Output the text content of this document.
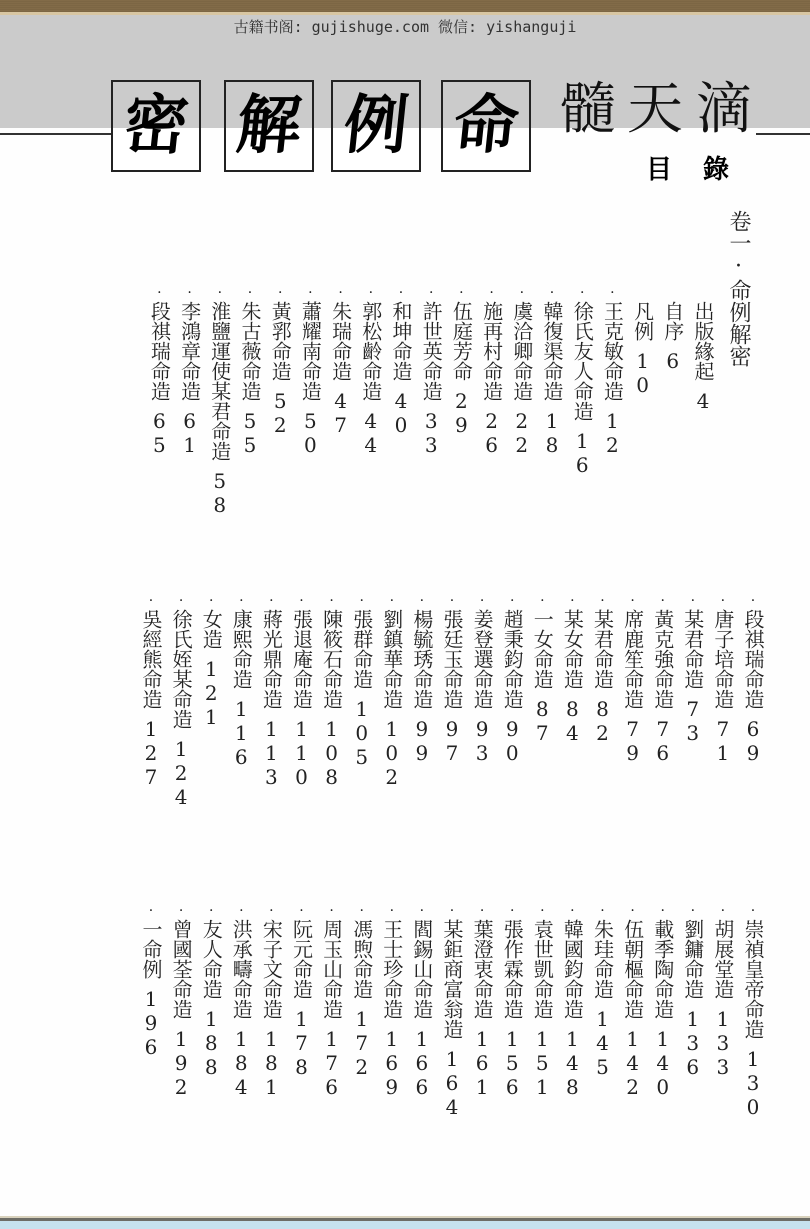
古籍书阁: gujishuge.com 微信: yishanguji
密 解 例 命 髓 天 滴
目 錄
卷一·命例解密
出版緣起4
自序6
凡例10
·王克敏命造12
·徐氏友人命造16
·韓復渠命造18
·虞洽卿命造22
·施再村命造26
·伍庭芳命29
·許世英命造33
·和坤命造40
·郭松齡命造44
·朱瑞命造47
·蕭耀南命造50
·黃郛命造52
·朱古薇命造55
·淮鹽運使某君命造58
·李鴻章命造61
·段祺瑞命造65
·段祺瑞命造69
·唐子培命造71
·某君命造73
·黃克強命造76
·席鹿笙命造79
·某君命造82
·某女命造84
·一女命造87
·趙秉鈞命造90
·姜登選命造93
·張廷玉命造97
·楊毓琇命造99
·劉鎮華命造102
·張群命造105
·陳筱石命造108
·張退庵命造110
·蔣光鼎命造113
·康熙命造116
·女造121
·徐氏姪某命造124
·吳經熊命造127
·崇禎皇帝命造130
·胡展堂造133
·劉鏞命造136
·載季陶命造140
·伍朝樞命造142
·朱珪命造145
·韓國鈞命造148
·袁世凱命造151
·張作霖命造156
·葉澄衷命造161
·某鉅商富翁造164
·閻錫山命造166
·王士珍命造169
·馮煦命造172
·周玉山命造176
·阮元命造178
·宋子文命造181
·洪承疇命造184
·友人命造188
·曾國荃命造192
·一命例196
